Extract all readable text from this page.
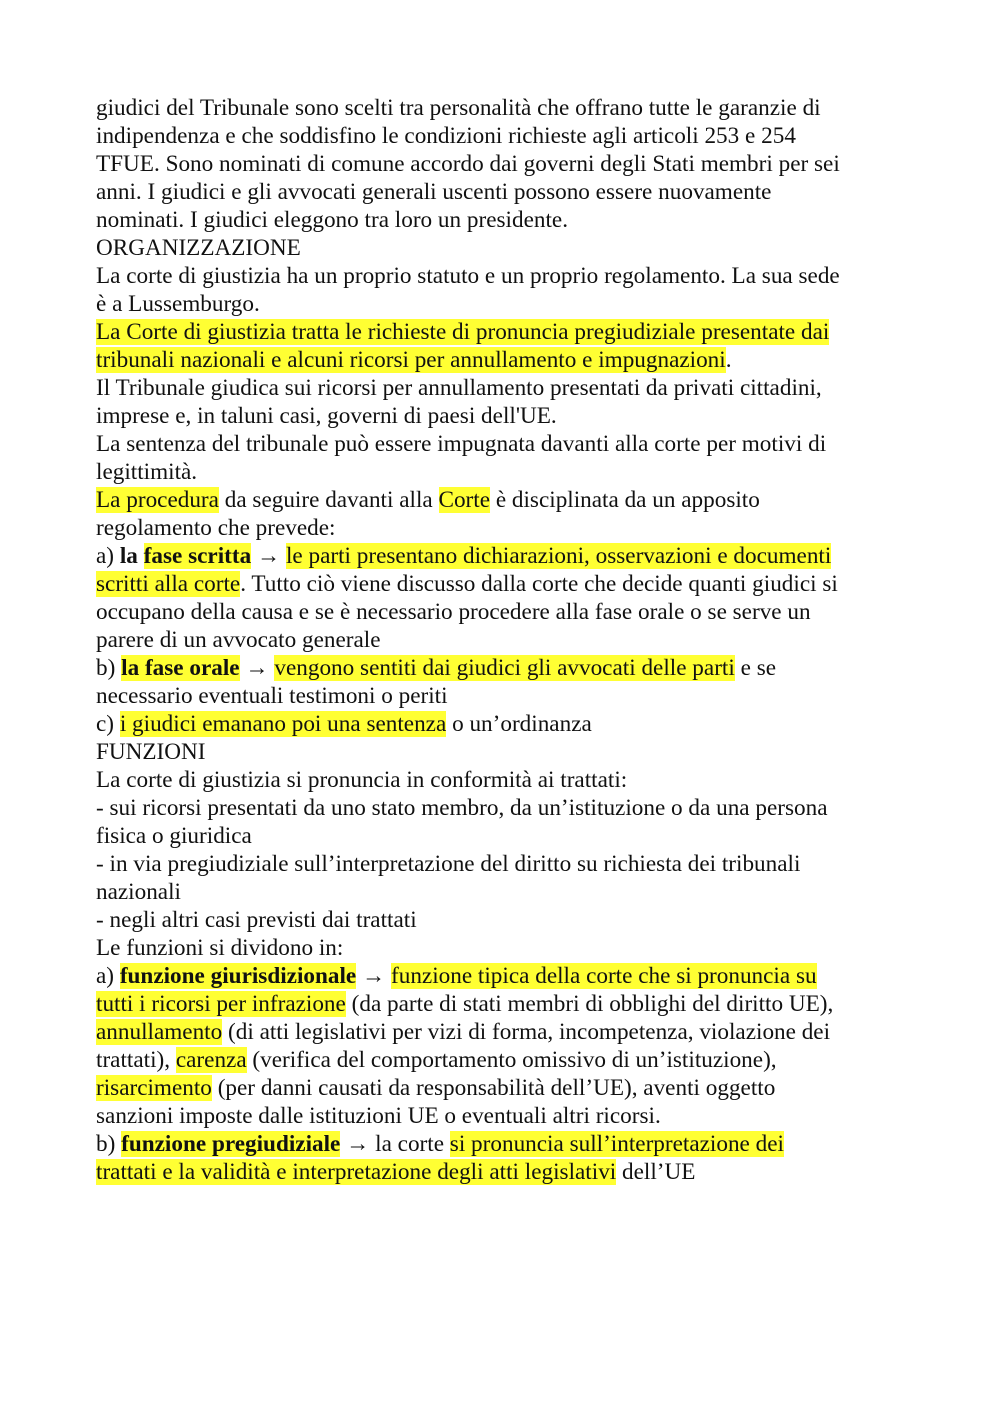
giudici del Tribunale sono scelti tra personalità che offrano tutte le garanzie di
indipendenza e che soddisfino le condizioni richieste agli articoli 253 e 254
TFUE. Sono nominati di comune accordo dai governi degli Stati membri per sei
anni. I giudici e gli avvocati generali uscenti possono essere nuovamente
nominati. I giudici eleggono tra loro un presidente.
ORGANIZZAZIONE
La corte di giustizia ha un proprio statuto e un proprio regolamento. La sua sede
è a Lussemburgo.
La Corte di giustizia tratta le richieste di pronuncia pregiudiziale presentate dai
tribunali nazionali e alcuni ricorsi per annullamento e impugnazioni.
Il Tribunale giudica sui ricorsi per annullamento presentati da privati cittadini,
imprese e, in taluni casi, governi di paesi dell'UE.
La sentenza del tribunale può essere impugnata davanti alla corte per motivi di
legittimità.
La procedura da seguire davanti alla Corte è disciplinata da un apposito
regolamento che prevede:
a) la fase scritta → le parti presentano dichiarazioni, osservazioni e documenti
scritti alla corte. Tutto ciò viene discusso dalla corte che decide quanti giudici si
occupano della causa e se è necessario procedere alla fase orale o se serve un
parere di un avvocato generale
b) la fase orale → vengono sentiti dai giudici gli avvocati delle parti e se
necessario eventuali testimoni o periti
c) i giudici emanano poi una sentenza o un’ordinanza
FUNZIONI
La corte di giustizia si pronuncia in conformità ai trattati:
- sui ricorsi presentati da uno stato membro, da un’istituzione o da una persona
fisica o giuridica
- in via pregiudiziale sull’interpretazione del diritto su richiesta dei tribunali
nazionali
- negli altri casi previsti dai trattati
Le funzioni si dividono in:
a) funzione giurisdizionale → funzione tipica della corte che si pronuncia su
tutti i ricorsi per infrazione (da parte di stati membri di obblighi del diritto UE),
annullamento (di atti legislativi per vizi di forma, incompetenza, violazione dei
trattati), carenza (verifica del comportamento omissivo di un’istituzione),
risarcimento (per danni causati da responsabilità dell’UE), aventi oggetto
sanzioni imposte dalle istituzioni UE o eventuali altri ricorsi.
b) funzione pregiudiziale → la corte si pronuncia sull’interpretazione dei
trattati e la validità e interpretazione degli atti legislativi dell’UE
